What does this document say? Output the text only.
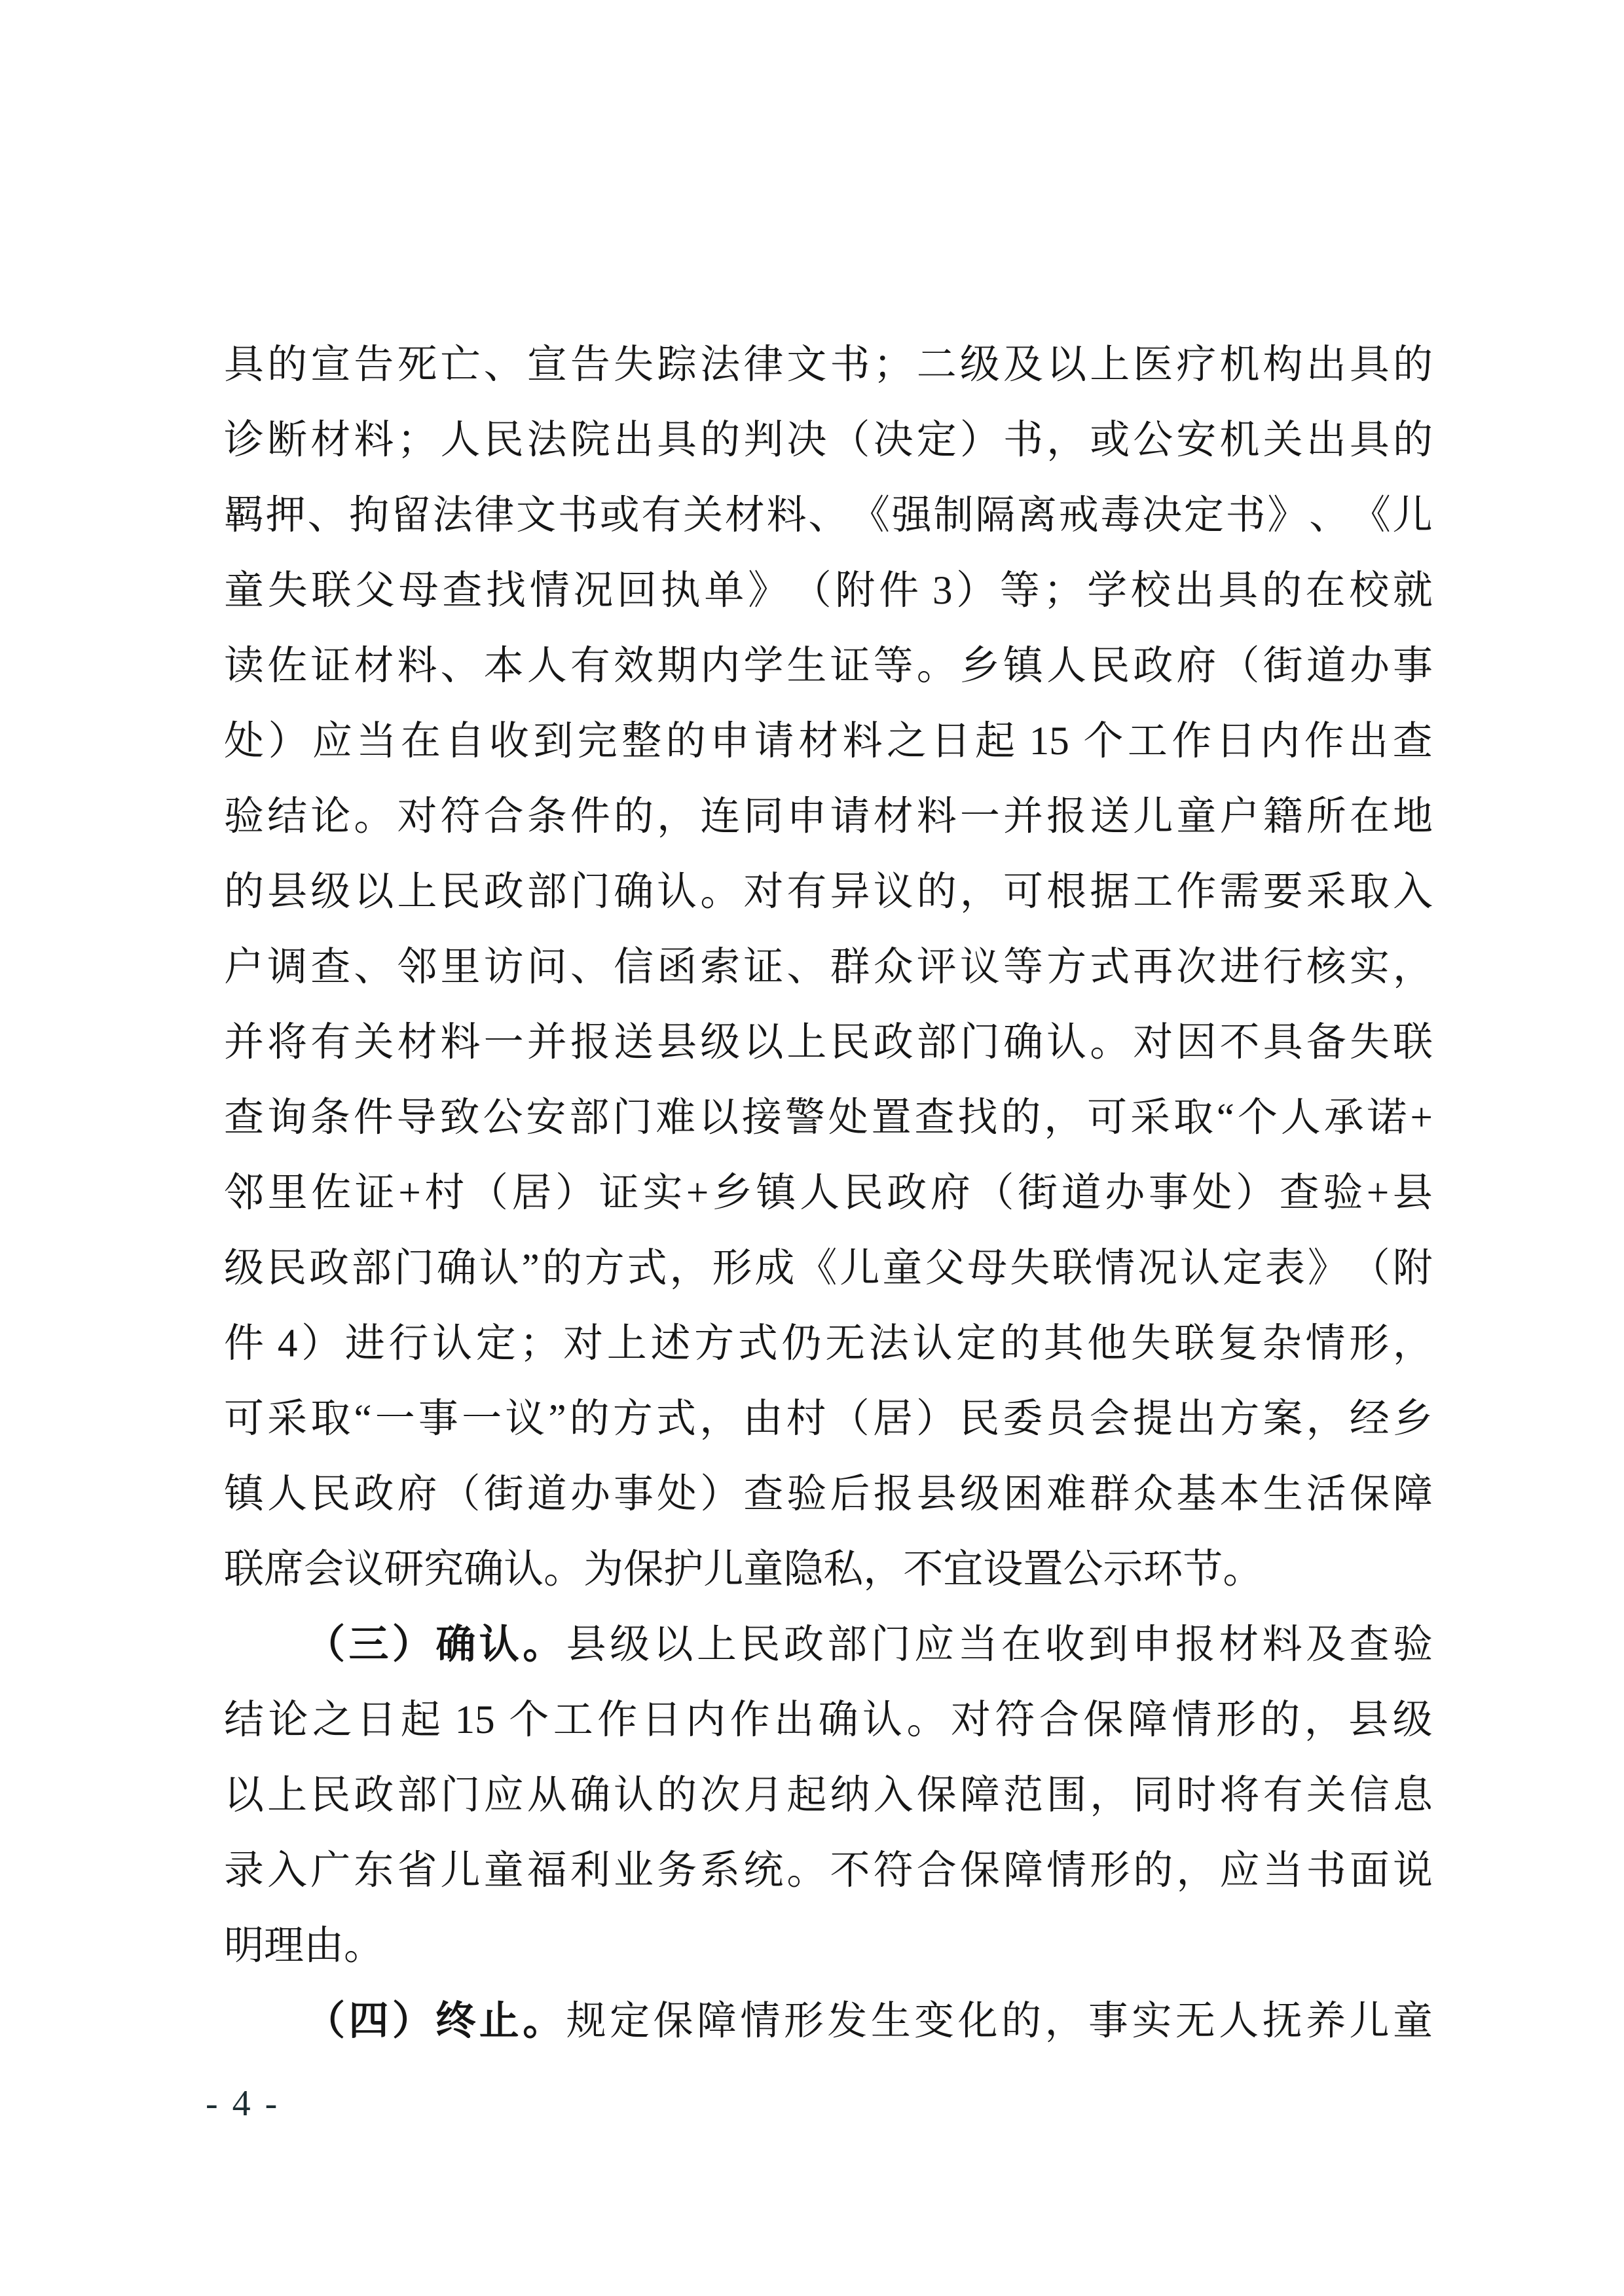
具 的 宣 告 死 亡 、 宣 告 失 踪 法 律 文 书 ； 二 级 及 以 上 医 疗 机 构 出 具 的
诊 断 材 料 ； 人 民 法 院 出 具 的 判 决 （ 决 定 ） 书 ， 或 公 安 机 关 出 具 的
羁 押 、 拘 留 法 律 文 书 或 有 关 材 料 、 《 强 制 隔 离 戒 毒 决 定 书 》 、 《 儿
童 失 联 父 母 查 找 情 况 回 执 单 》 （ 附 件 3 ） 等 ； 学 校 出 具 的 在 校 就
读 佐 证 材 料 、 本 人 有 效 期 内 学 生 证 等 。 乡 镇 人 民 政 府 （ 街 道 办 事
处 ） 应 当 在 自 收 到 完 整 的 申 请 材 料 之 日 起 15 个 工 作 日 内 作 出 查
验 结 论 。 对 符 合 条 件 的 ， 连 同 申 请 材 料 一 并 报 送 儿 童 户 籍 所 在 地
的 县 级 以 上 民 政 部 门 确 认 。 对 有 异 议 的 ， 可 根 据 工 作 需 要 采 取 入
户 调 查 、 邻 里 访 问 、 信 函 索 证 、 群 众 评 议 等 方 式 再 次 进 行 核 实 ，
并 将 有 关 材 料 一 并 报 送 县 级 以 上 民 政 部 门 确 认 。 对 因 不 具 备 失 联
查 询 条 件 导 致 公 安 部 门 难 以 接 警 处 置 查 找 的 ， 可 采 取 “ 个 人 承 诺 +
邻 里 佐 证 + 村 （ 居 ） 证 实 + 乡 镇 人 民 政 府 （ 街 道 办 事 处 ） 查 验 + 县
级 民 政 部 门 确 认 ” 的 方 式 ， 形 成 《 儿 童 父 母 失 联 情 况 认 定 表 》 （ 附
件 4 ） 进 行 认 定 ； 对 上 述 方 式 仍 无 法 认 定 的 其 他 失 联 复 杂 情 形 ，
可 采 取 “ 一 事 一 议 ” 的 方 式 ， 由 村 （ 居 ） 民 委 员 会 提 出 方 案 ， 经 乡
镇 人 民 政 府 （ 街 道 办 事 处 ） 查 验 后 报 县 级 困 难 群 众 基 本 生 活 保 障
联席会议研究确认。为保护儿童隐私，不宜设置公示环节。
（ 三 ） 确 认 。 县 级 以 上 民 政 部 门 应 当 在 收 到 申 报 材 料 及 查 验
结 论 之 日 起 15 个 工 作 日 内 作 出 确 认 。 对 符 合 保 障 情 形 的 ， 县 级
以 上 民 政 部 门 应 从 确 认 的 次 月 起 纳 入 保 障 范 围 ， 同 时 将 有 关 信 息
录 入 广 东 省 儿 童 福 利 业 务 系 统 。 不 符 合 保 障 情 形 的 ， 应 当 书 面 说
明理由。
（ 四 ） 终 止 。 规 定 保 障 情 形 发 生 变 化 的 ， 事 实 无 人 抚 养 儿 童
- 4 -
